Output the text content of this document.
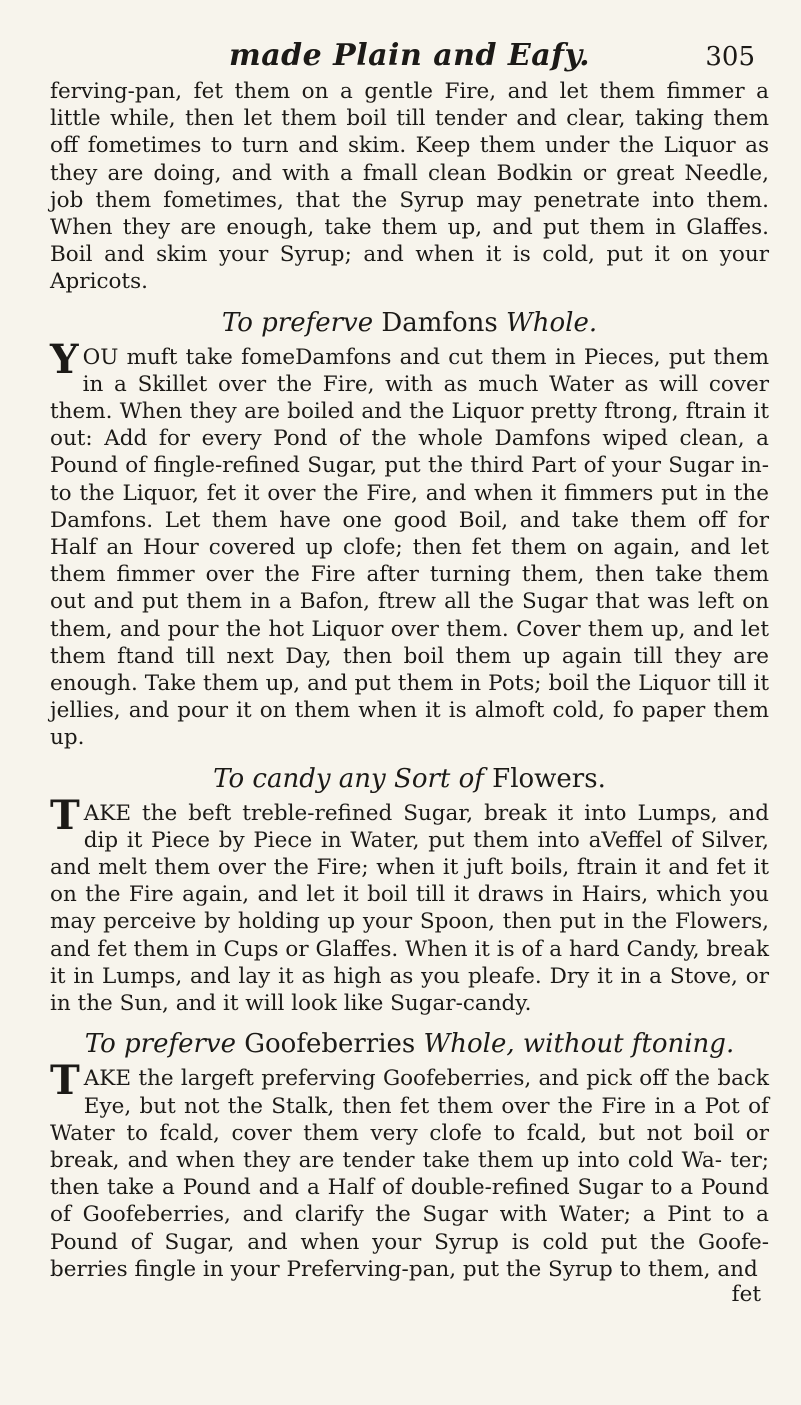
made Plain and Eafy.	305

ferving-pan, fet them on a gentle Fire, and let them fimmer a little while, then let them boil till tender and clear, taking them off fometimes to turn and skim. Keep them under the Liquor as they are doing, and with a fmall clean Bodkin or great Needle, job them fometimes, that the Syrup may penetrate into them. When they are enough, take them up, and put them in Glaffes. Boil and skim your Syrup; and when it is cold, put it on your Apricots.

To preferve Damfons Whole.

YOU muft take fomeDamfons and cut them in Pieces, put them in a Skillet over the Fire, with as much Water as will cover them. When they are boiled and the Liquor pretty ftrong, ftrain it out: Add for every Pond of the whole Damfons wiped clean, a Pound of fingle-refined Sugar, put the third Part of your Sugar in- to the Liquor, fet it over the Fire, and when it fimmers put in the Damfons. Let them have one good Boil, and take them off for Half an Hour covered up clofe; then fet them on again, and let them fimmer over the Fire after turning them, then take them out and put them in a Bafon, ftrew all the Sugar that was left on them, and pour the hot Liquor over them. Cover them up, and let them ftand till next Day, then boil them up again till they are enough. Take them up, and put them in Pots; boil the Liquor till it jellies, and pour it on them when it is almoft cold, fo paper them up.

To candy any Sort of Flowers.

TAKE the beft treble-refined Sugar, break it into Lumps, and dip it Piece by Piece in Water, put them into aVeffel of Silver, and melt them over the Fire; when it juft boils, ftrain it and fet it on the Fire again, and let it boil till it draws in Hairs, which you may perceive by holding up your Spoon, then put in the Flowers, and fet them in Cups or Glaffes. When it is of a hard Candy, break it in Lumps, and lay it as high as you pleafe. Dry it in a Stove, or in the Sun, and it will look like Sugar-candy.

To preferve Goofeberries Whole, without ftoning.

TAKE the largeft preferving Goofeberries, and pick off the back Eye, but not the Stalk, then fet them over the Fire in a Pot of Water to fcald, cover them very clofe to fcald, but not boil or break, and when they are tender take them up into cold Wa- ter; then take a Pound and a Half of double-refined Sugar to a Pound of Goofeberries, and clarify the Sugar with Water; a Pint to a Pound of Sugar, and when your Syrup is cold put the Goofe- berries fingle in your Preferving-pan, put the Syrup to them, and

fet
